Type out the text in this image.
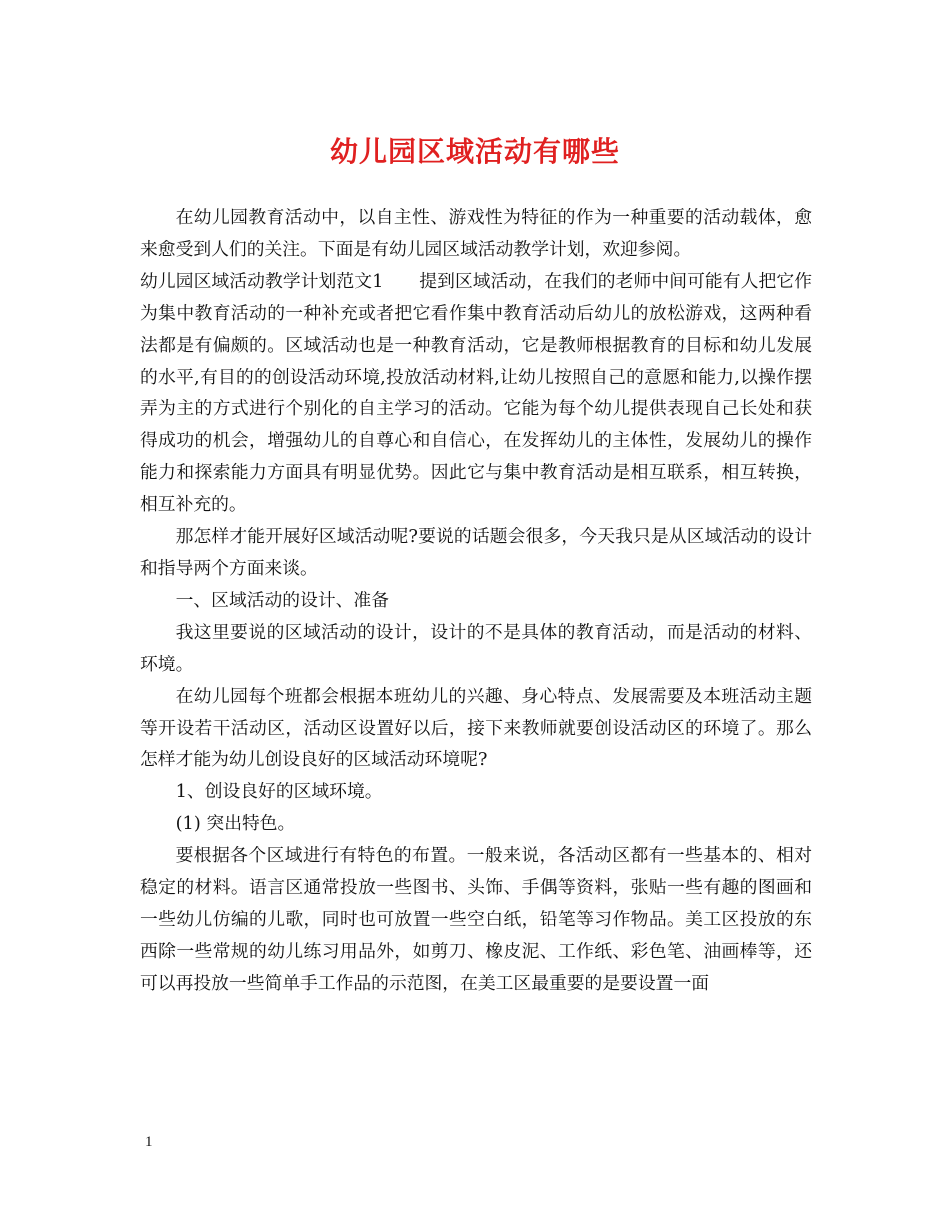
幼儿园区域活动有哪些

在幼儿园教育活动中，以自主性、游戏性为特征的作为一种重要的活动载体，愈来愈受到人们的关注。下面是有幼儿园区域活动教学计划，欢迎参阅。

幼儿园区域活动教学计划范文1　　提到区域活动，在我们的老师中间可能有人把它作为集中教育活动的一种补充或者把它看作集中教育活动后幼儿的放松游戏，这两种看法都是有偏颇的。区域活动也是一种教育活动，它是教师根据教育的目标和幼儿发展的水平,有目的的创设活动环境,投放活动材料,让幼儿按照自己的意愿和能力,以操作摆弄为主的方式进行个别化的自主学习的活动。它能为每个幼儿提供表现自己长处和获得成功的机会，增强幼儿的自尊心和自信心，在发挥幼儿的主体性，发展幼儿的操作能力和探索能力方面具有明显优势。因此它与集中教育活动是相互联系，相互转换，相互补充的。

那怎样才能开展好区域活动呢?要说的话题会很多，今天我只是从区域活动的设计和指导两个方面来谈。

一、区域活动的设计、准备

我这里要说的区域活动的设计，设计的不是具体的教育活动，而是活动的材料、环境。

在幼儿园每个班都会根据本班幼儿的兴趣、身心特点、发展需要及本班活动主题等开设若干活动区，活动区设置好以后，接下来教师就要创设活动区的环境了。那么怎样才能为幼儿创设良好的区域活动环境呢?

1、创设良好的区域环境。

(1) 突出特色。

要根据各个区域进行有特色的布置。一般来说，各活动区都有一些基本的、相对稳定的材料。语言区通常投放一些图书、头饰、手偶等资料，张贴一些有趣的图画和一些幼儿仿编的儿歌，同时也可放置一些空白纸，铅笔等习作物品。美工区投放的东西除一些常规的幼儿练习用品外，如剪刀、橡皮泥、工作纸、彩色笔、油画棒等，还可以再投放一些简单手工作品的示范图，在美工区最重要的是要设置一面

1
